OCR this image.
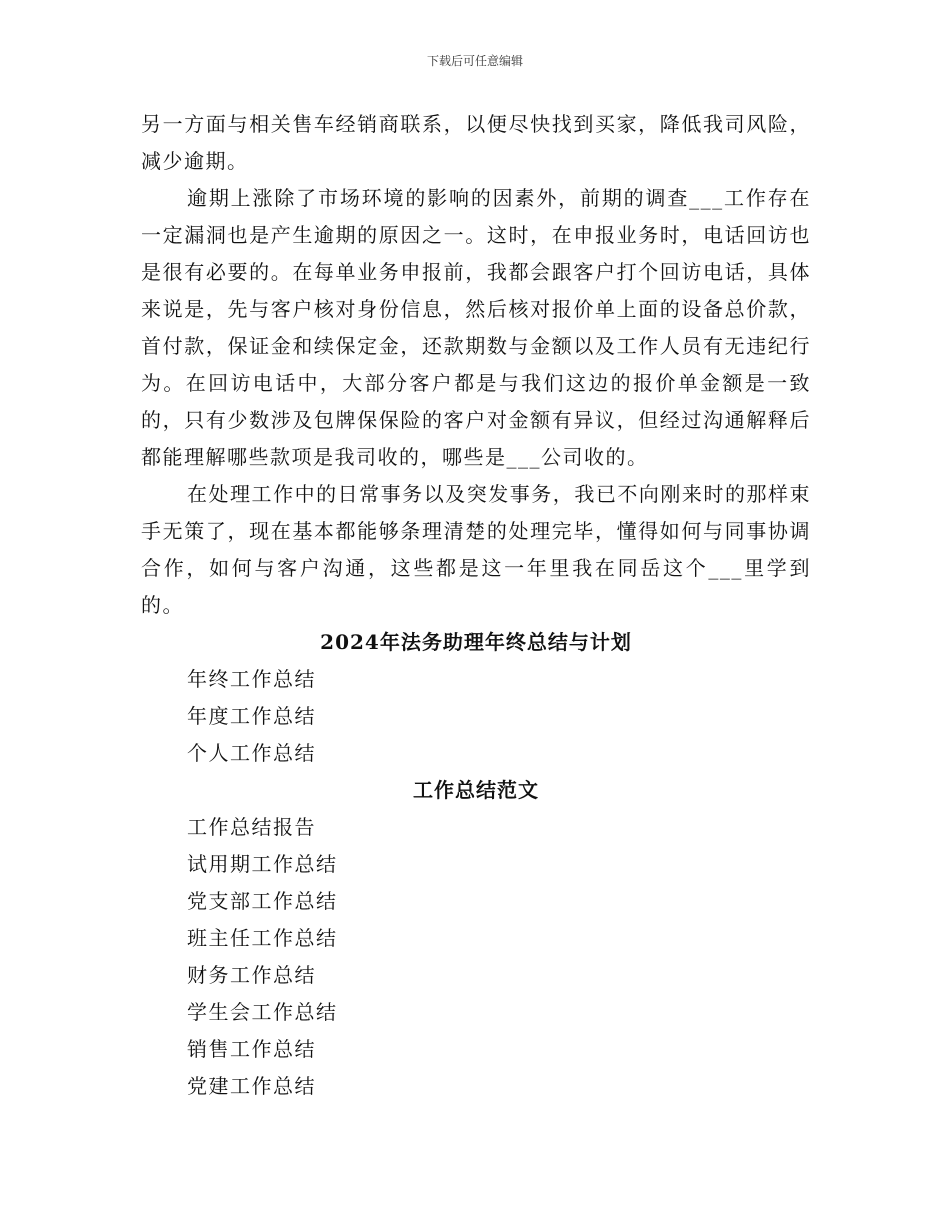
下载后可任意编辑

另一方面与相关售车经销商联系，以便尽快找到买家，降低我司风险，减少逾期。

逾期上涨除了市场环境的影响的因素外，前期的调查___工作存在一定漏洞也是产生逾期的原因之一。这时，在申报业务时，电话回访也是很有必要的。在每单业务申报前，我都会跟客户打个回访电话，具体来说是，先与客户核对身份信息，然后核对报价单上面的设备总价款，首付款，保证金和续保定金，还款期数与金额以及工作人员有无违纪行为。在回访电话中，大部分客户都是与我们这边的报价单金额是一致的，只有少数涉及包牌保保险的客户对金额有异议，但经过沟通解释后都能理解哪些款项是我司收的，哪些是___公司收的。

在处理工作中的日常事务以及突发事务，我已不向刚来时的那样束手无策了，现在基本都能够条理清楚的处理完毕，懂得如何与同事协调合作，如何与客户沟通，这些都是这一年里我在同岳这个___里学到的。

2024年法务助理年终总结与计划
年终工作总结
年度工作总结
个人工作总结
工作总结范文
工作总结报告
试用期工作总结
党支部工作总结
班主任工作总结
财务工作总结
学生会工作总结
销售工作总结
党建工作总结
